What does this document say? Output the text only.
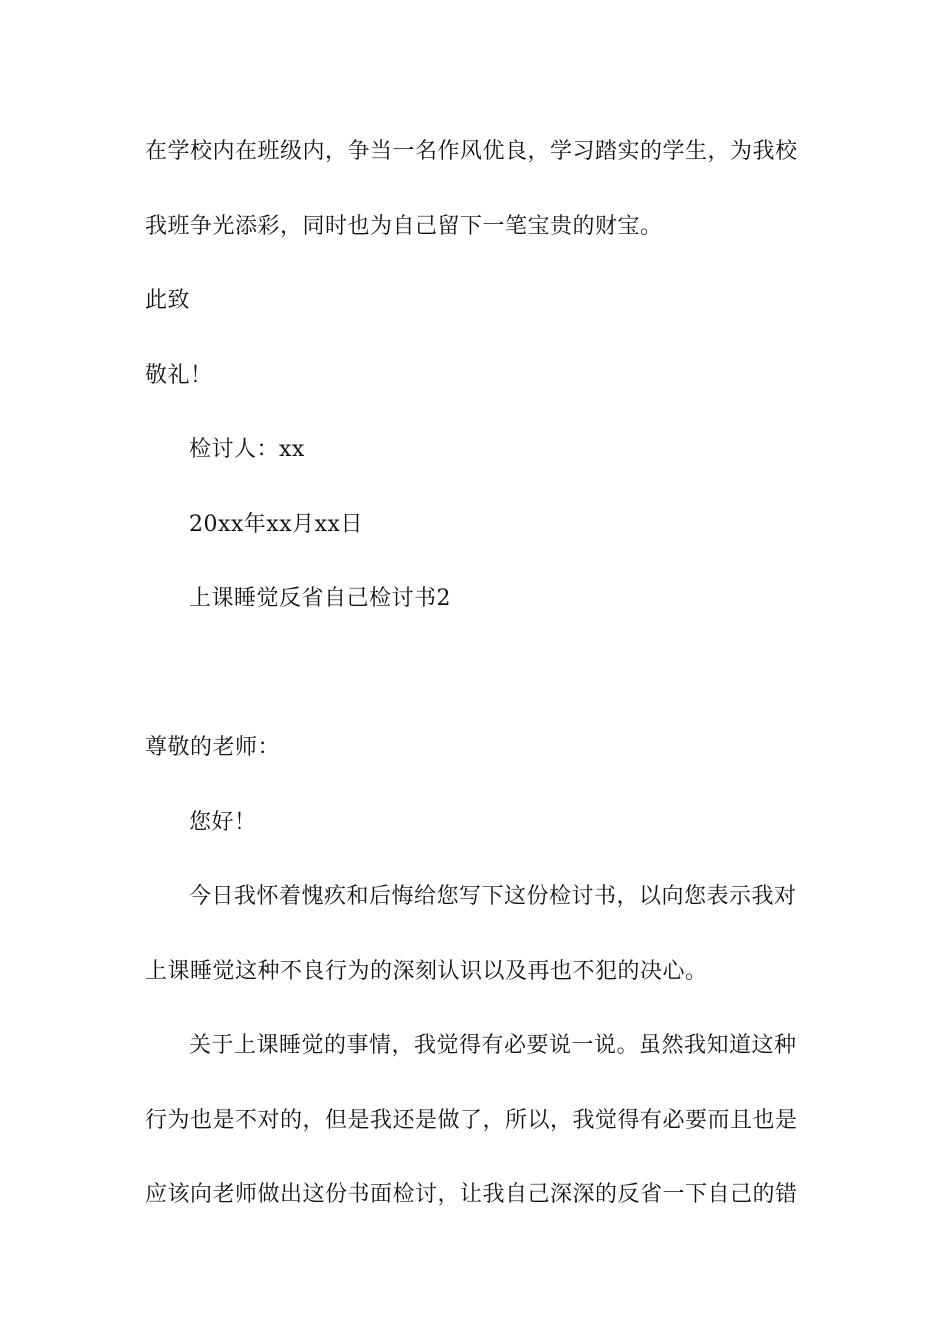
在学校内在班级内，争当一名作风优良，学习踏实的学生，为我校
我班争光添彩，同时也为自己留下一笔宝贵的财宝。
此致
敬礼！
检讨人：xx
20xx年xx月xx日
上课睡觉反省自己检讨书2
尊敬的老师：
您好！
今日我怀着愧疚和后悔给您写下这份检讨书，以向您表示我对
上课睡觉这种不良行为的深刻认识以及再也不犯的决心。
关于上课睡觉的事情，我觉得有必要说一说。虽然我知道这种
行为也是不对的，但是我还是做了，所以，我觉得有必要而且也是
应该向老师做出这份书面检讨，让我自己深深的反省一下自己的错
